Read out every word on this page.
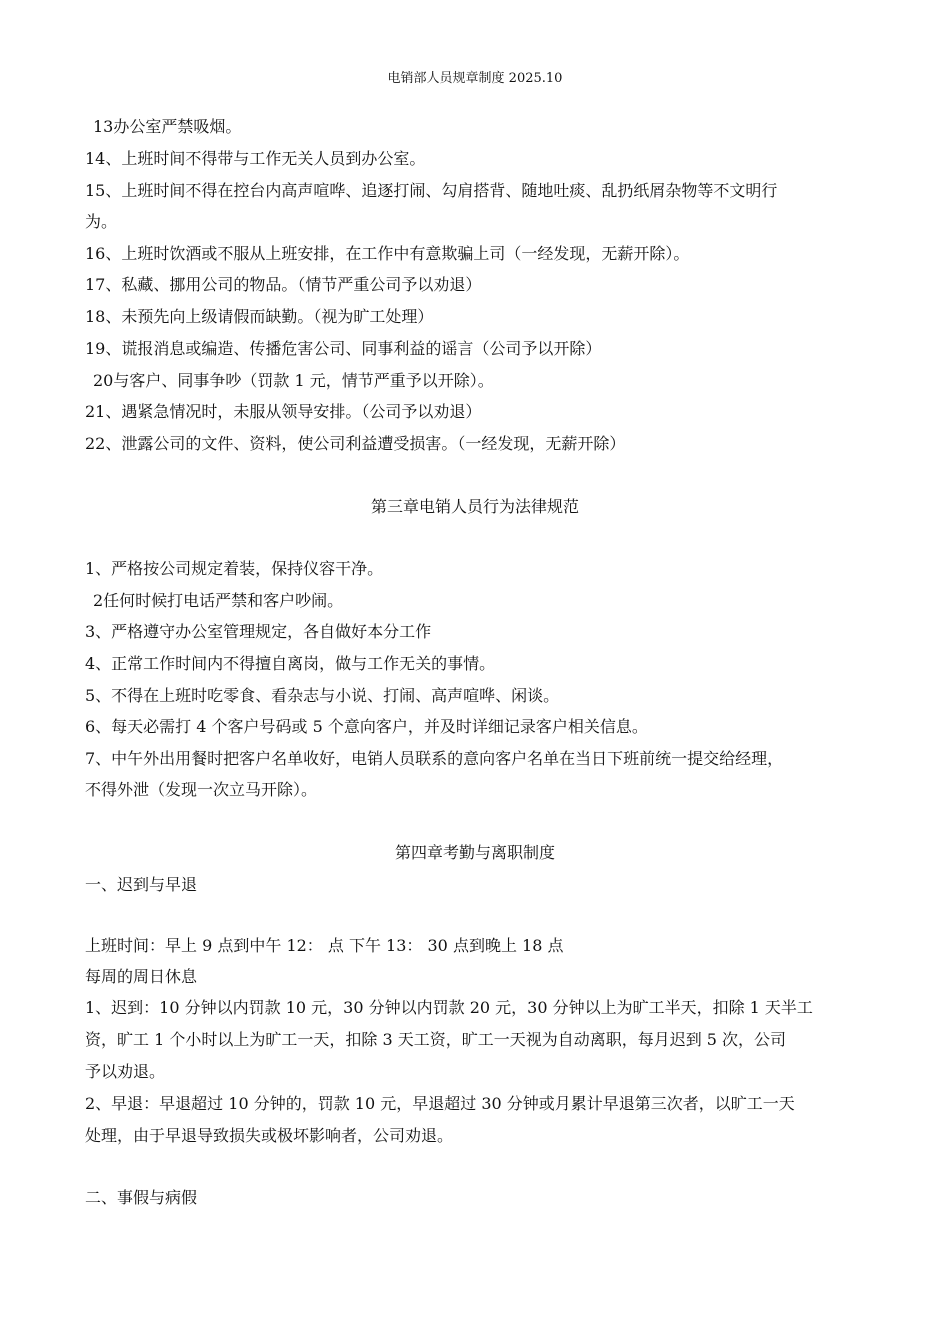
电销部人员规章制度 2025.10
13办公室严禁吸烟。
14、上班时间不得带与工作无关人员到办公室。
15、上班时间不得在控台内高声喧哗、追逐打闹、勾肩搭背、随地吐痰、乱扔纸屑杂物等不文明行
为。
16、上班时饮酒或不服从上班安排，在工作中有意欺骗上司（一经发现，无薪开除）。
17、私藏、挪用公司的物品。（情节严重公司予以劝退）
18、未预先向上级请假而缺勤。（视为旷工处理）
19、谎报消息或编造、传播危害公司、同事利益的谣言（公司予以开除）
20与客户、同事争吵（罚款 1 元，情节严重予以开除）。
21、遇紧急情况时，未服从领导安排。（公司予以劝退）
22、泄露公司的文件、资料，使公司利益遭受损害。（一经发现，无薪开除）
第三章电销人员行为法律规范
1、严格按公司规定着装，保持仪容干净。
2任何时候打电话严禁和客户吵闹。
3、严格遵守办公室管理规定，各自做好本分工作
4、正常工作时间内不得擅自离岗，做与工作无关的事情。
5、不得在上班时吃零食、看杂志与小说、打闹、高声喧哗、闲谈。
6、每天必需打 4 个客户号码或 5 个意向客户，并及时详细记录客户相关信息。
7、中午外出用餐时把客户名单收好，电销人员联系的意向客户名单在当日下班前统一提交给经理，
不得外泄（发现一次立马开除）。
第四章考勤与离职制度
一、迟到与早退
上班时间：早上 9 点到中午 12： 点 下午 13： 30 点到晚上 18 点
每周的周日休息
1、迟到：10 分钟以内罚款 10 元，30 分钟以内罚款 20 元，30 分钟以上为旷工半天，扣除 1 天半工
资，旷工 1 个小时以上为旷工一天，扣除 3 天工资，旷工一天视为自动离职，每月迟到 5 次，公司
予以劝退。
2、早退：早退超过 10 分钟的，罚款 10 元，早退超过 30 分钟或月累计早退第三次者，以旷工一天
处理，由于早退导致损失或极坏影响者，公司劝退。
二、事假与病假
